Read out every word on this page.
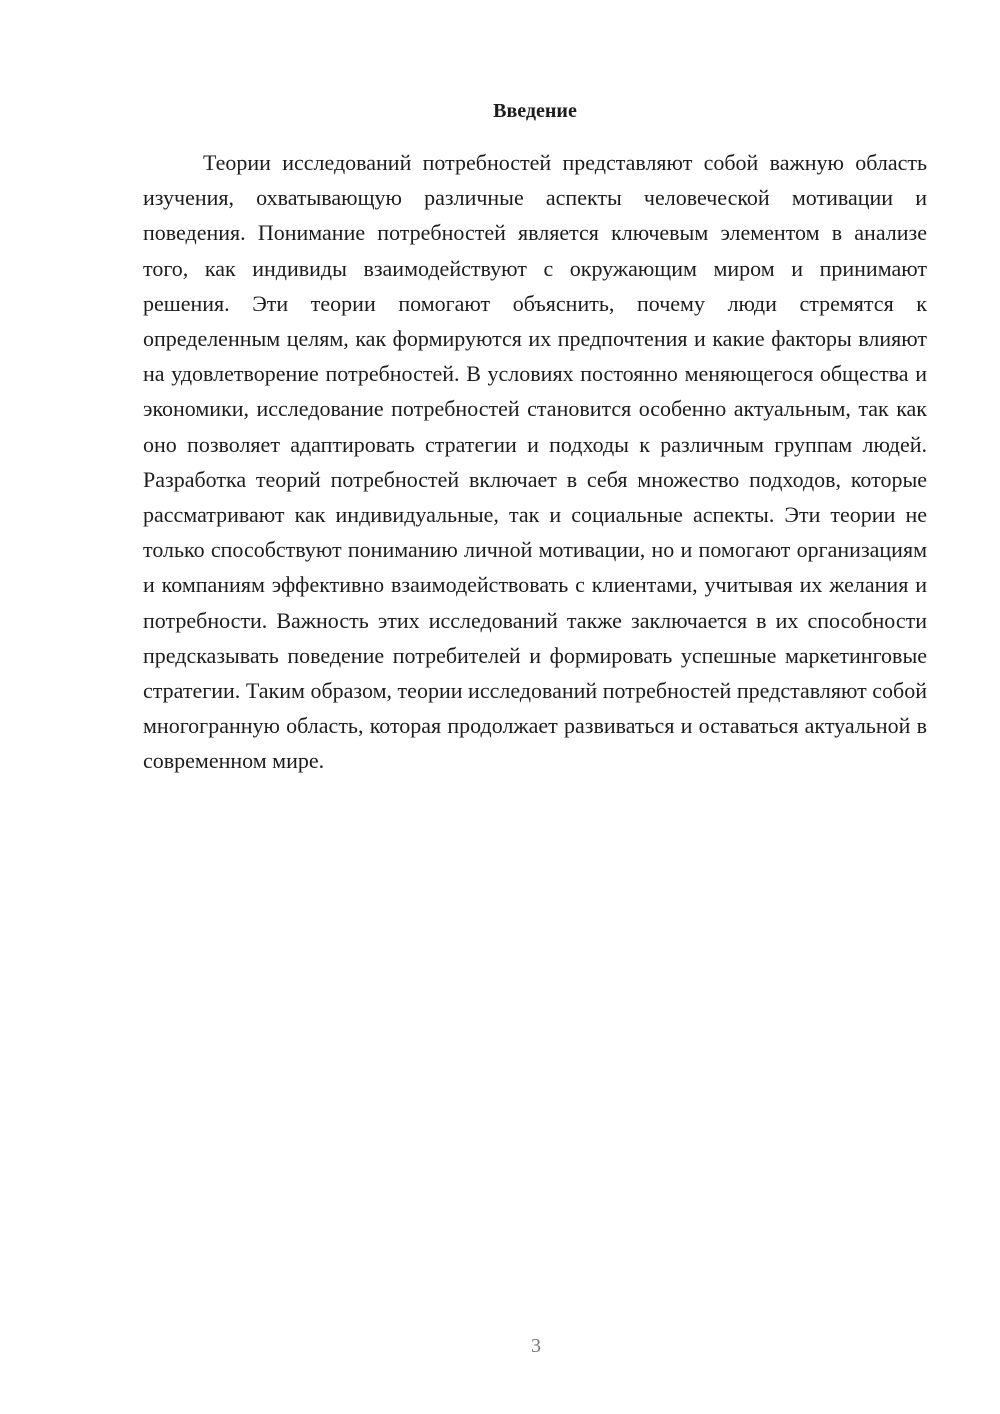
Введение

Теории исследований потребностей представляют собой важную область изучения, охватывающую различные аспекты человеческой мотивации и поведения. Понимание потребностей является ключевым элементом в анализе того, как индивиды взаимодействуют с окружающим миром и принимают решения. Эти теории помогают объяснить, почему люди стремятся к определенным целям, как формируются их предпочтения и какие факторы влияют на удовлетворение потребностей. В условиях постоянно меняющегося общества и экономики, исследование потребностей становится особенно актуальным, так как оно позволяет адаптировать стратегии и подходы к различным группам людей. Разработка теорий потребностей включает в себя множество подходов, которые рассматривают как индивидуальные, так и социальные аспекты. Эти теории не только способствуют пониманию личной мотивации, но и помогают организациям и компаниям эффективно взаимодействовать с клиентами, учитывая их желания и потребности. Важность этих исследований также заключается в их способности предсказывать поведение потребителей и формировать успешные маркетинговые стратегии. Таким образом, теории исследований потребностей представляют собой многогранную область, которая продолжает развиваться и оставаться актуальной в современном мире.

3
